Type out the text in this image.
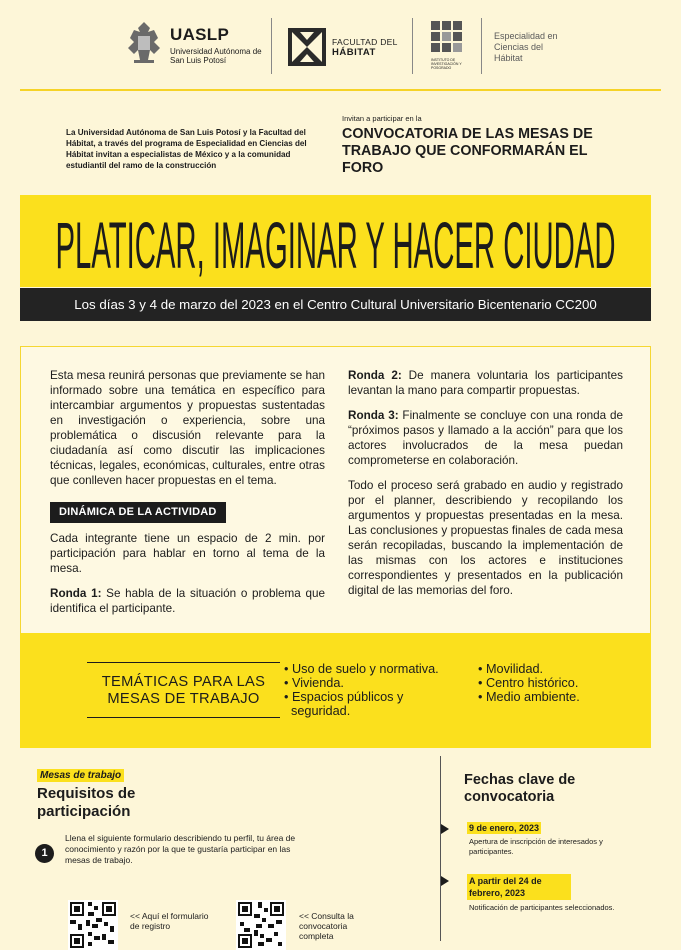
UASLP
Universidad Autónoma de San Luis Potosí
FACULTAD DEL
HÁBITAT
INSTITUTO DE INVESTIGACIÓN Y POSGRADO
Especialidad en Ciencias del Hábitat
La Universidad Autónoma de San Luis Potosí y la Facultad del Hábitat, a través del programa de Especialidad en Ciencias del Hábitat invitan a especialistas de México y a la comunidad estudiantil del ramo de la construcción
Invitan a participar en la
CONVOCATORIA DE LAS MESAS DE TRABAJO QUE CONFORMARÁN EL FORO
PLATICAR, IMAGINAR Y HACER CIUDAD
Los días 3 y 4 de marzo del 2023 en el Centro Cultural Universitario Bicentenario CC200

Esta mesa reunirá personas que previamente se han informado sobre una temática en específico para intercambiar argumentos y propuestas sustentadas en investigación o experiencia, sobre una problemática o discusión relevante para la ciudadanía así como discutir las implicaciones técnicas, legales, económicas, culturales, entre otras que conlleven hacer propuestas en el tema.

DINÁMICA DE LA ACTIVIDAD

Cada integrante tiene un espacio de 2 min. por participación para hablar en torno al tema de la mesa.

Ronda 1: Se habla de la situación o problema que identifica el participante.

Ronda 2: De manera voluntaria los participantes levantan la mano para compartir propuestas.

Ronda 3: Finalmente se concluye con una ronda de “próximos pasos y llamado a la acción” para que los actores involucrados de la mesa puedan comprometerse en colaboración.

Todo el proceso será grabado en audio y registrado por el planner, describiendo y recopilando los argumentos y propuestas presentadas en la mesa. Las conclusiones y propuestas finales de cada mesa serán recopiladas, buscando la implementación de las mismas con los actores e instituciones correspondientes y presentados en la publicación digital de las memorias del foro.

TEMÁTICAS PARA LAS MESAS DE TRABAJO
• Uso de suelo y normativa.
• Vivienda.
• Espacios públicos y seguridad.
• Movilidad.
• Centro histórico.
• Medio ambiente.
Mesas de trabajo
Requisitos de participación
1
Llena el siguiente formulario describiendo tu perfil, tu área de conocimiento y razón por la que te gustaría participar en las mesas de trabajo.
<< Aquí el formulario de registro
<< Consulta la convocatoria completa
Fechas clave de convocatoria
9 de enero, 2023
Apertura de inscripción de interesados y participantes.
A partir del 24 de febrero, 2023
Notificación de participantes seleccionados.
